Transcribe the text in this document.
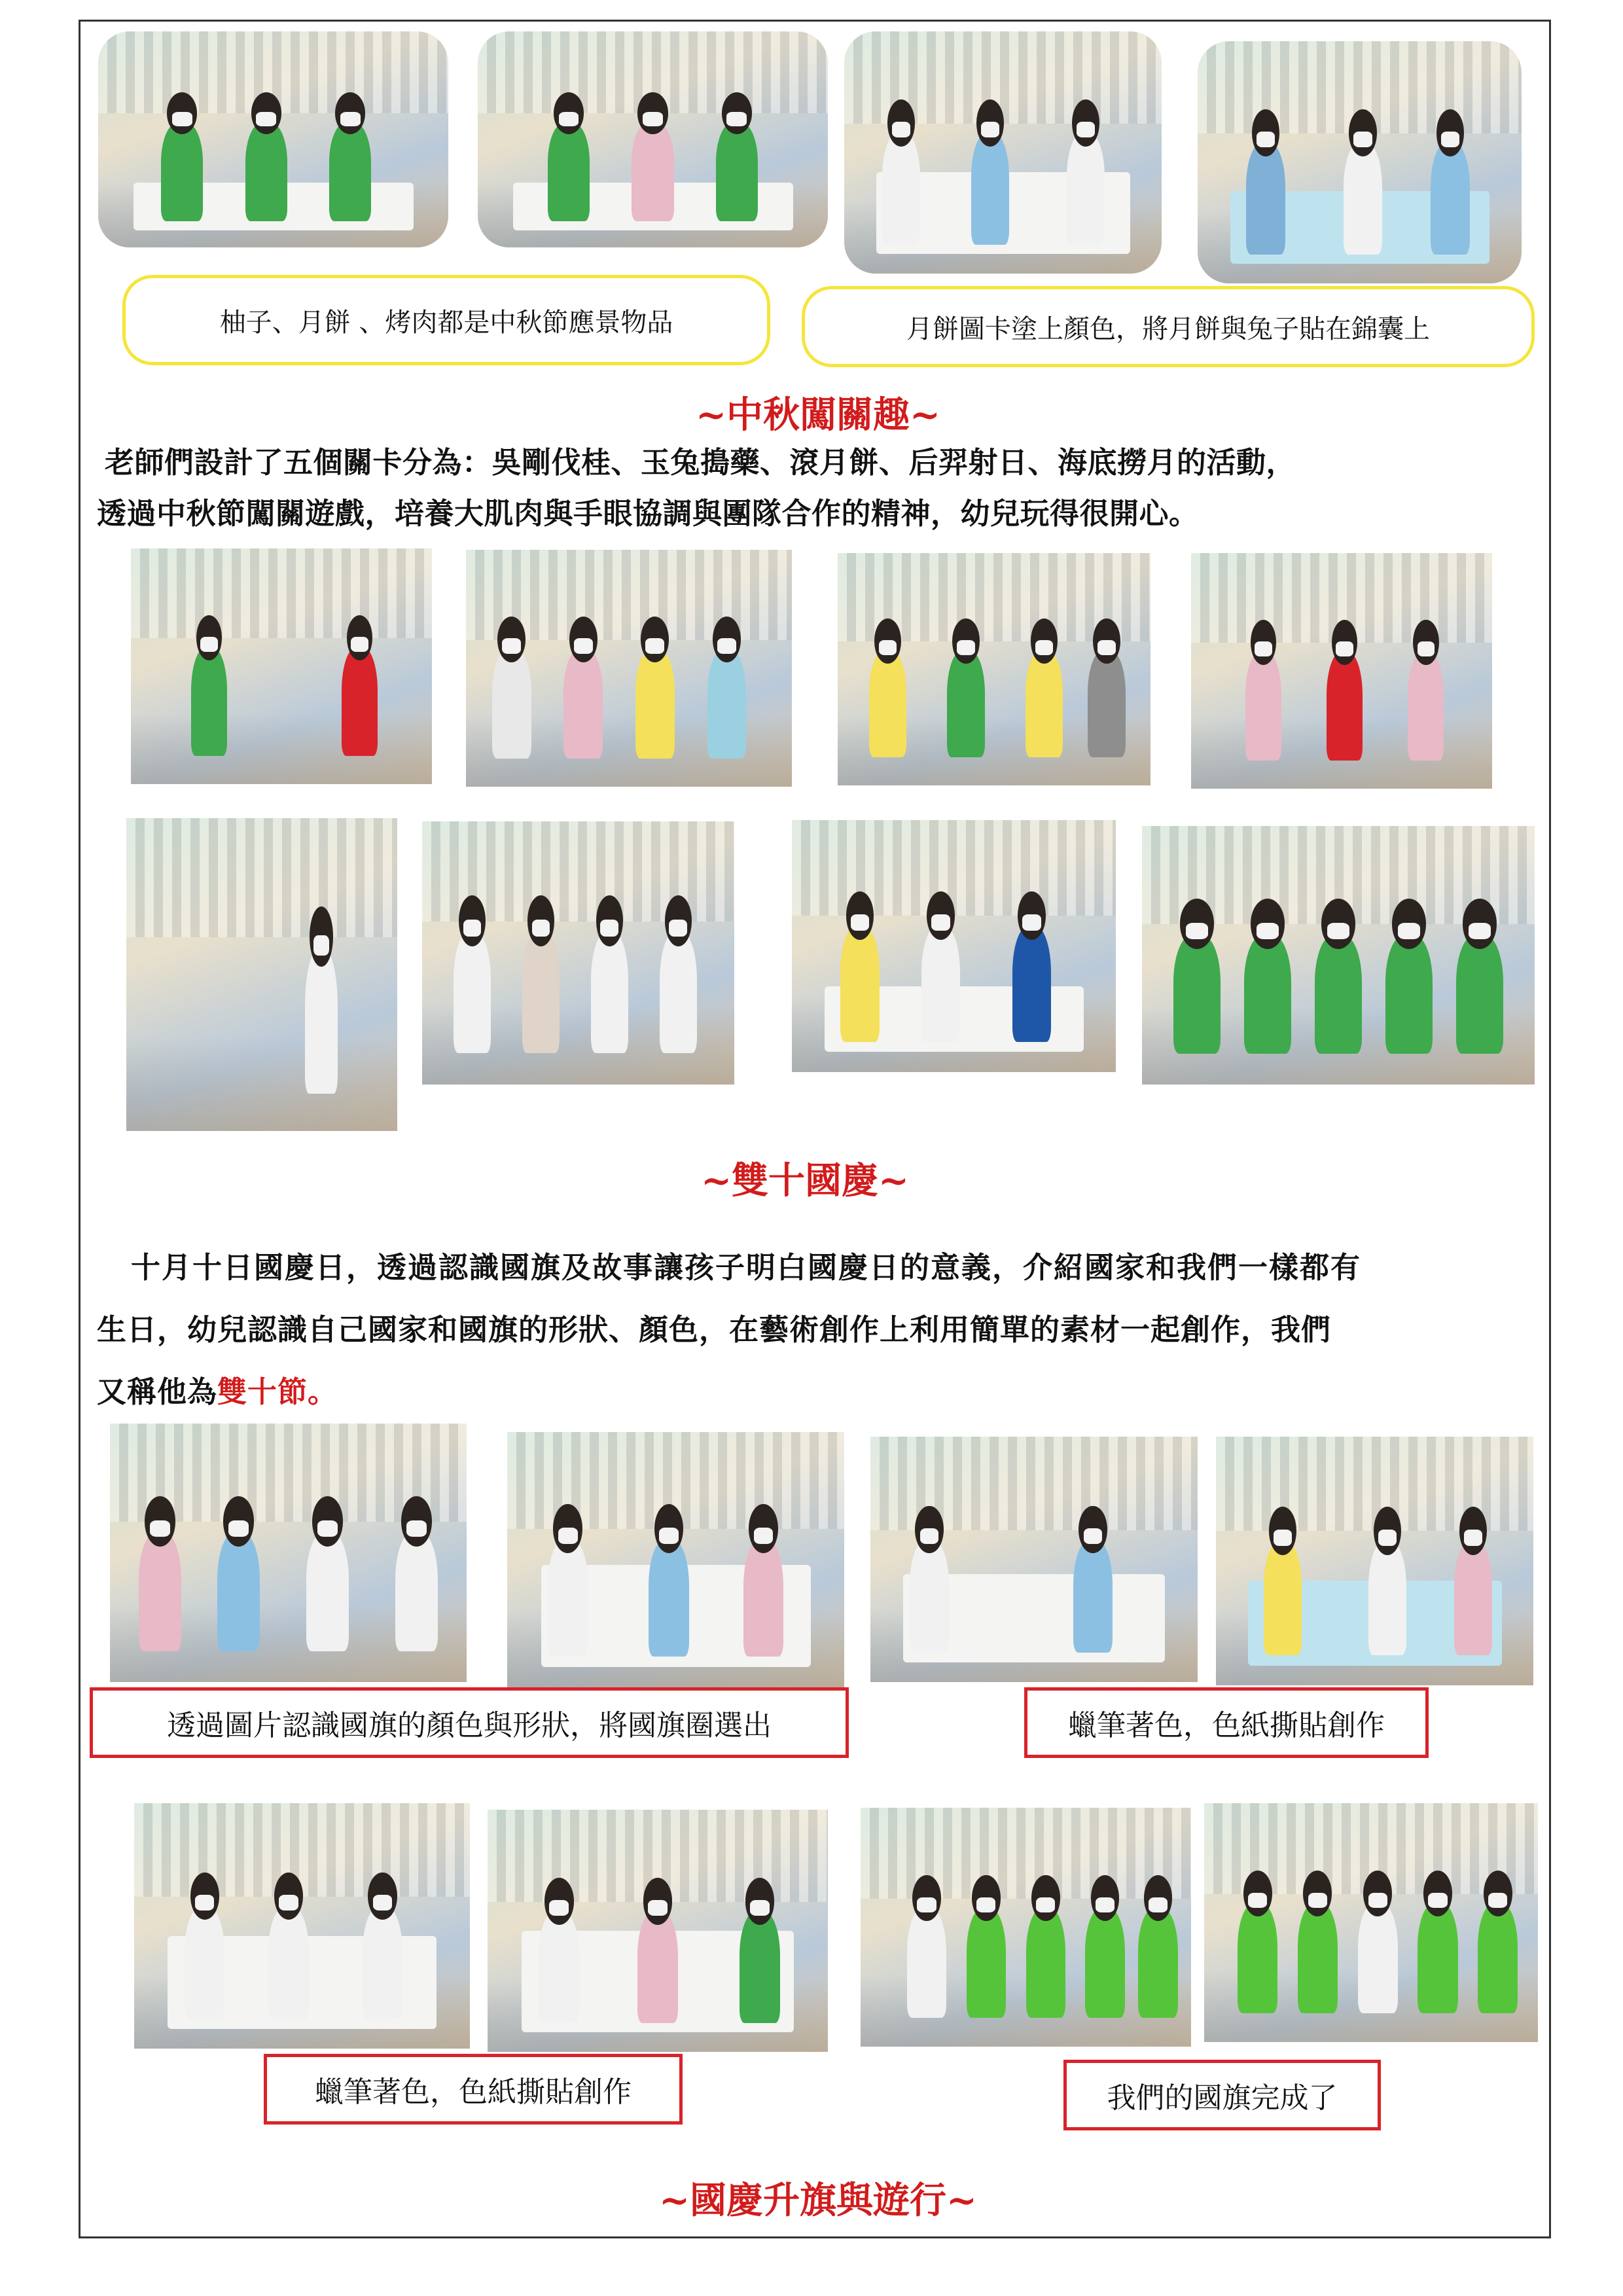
柚子、月餅 、烤肉都是中秋節應景物品	月餅圖卡塗上顏色，將月餅與兔子貼在錦囊上
~中秋闖關趣~
老師們設計了五個關卡分為：吳剛伐桂、玉兔搗藥、滾月餅、后羿射日、海底撈月的活動，
透過中秋節闖關遊戲，培養大肌肉與手眼協調與團隊合作的精神，幼兒玩得很開心。
~雙十國慶~
十月十日國慶日，透過認識國旗及故事讓孩子明白國慶日的意義，介紹國家和我們一樣都有
生日，幼兒認識自己國家和國旗的形狀、顏色，在藝術創作上利用簡單的素材一起創作，我們
又稱他為雙十節。
透過圖片認識國旗的顏色與形狀，將國旗圈選出	蠟筆著色，色紙撕貼創作
蠟筆著色，色紙撕貼創作	我們的國旗完成了
~國慶升旗與遊行~
